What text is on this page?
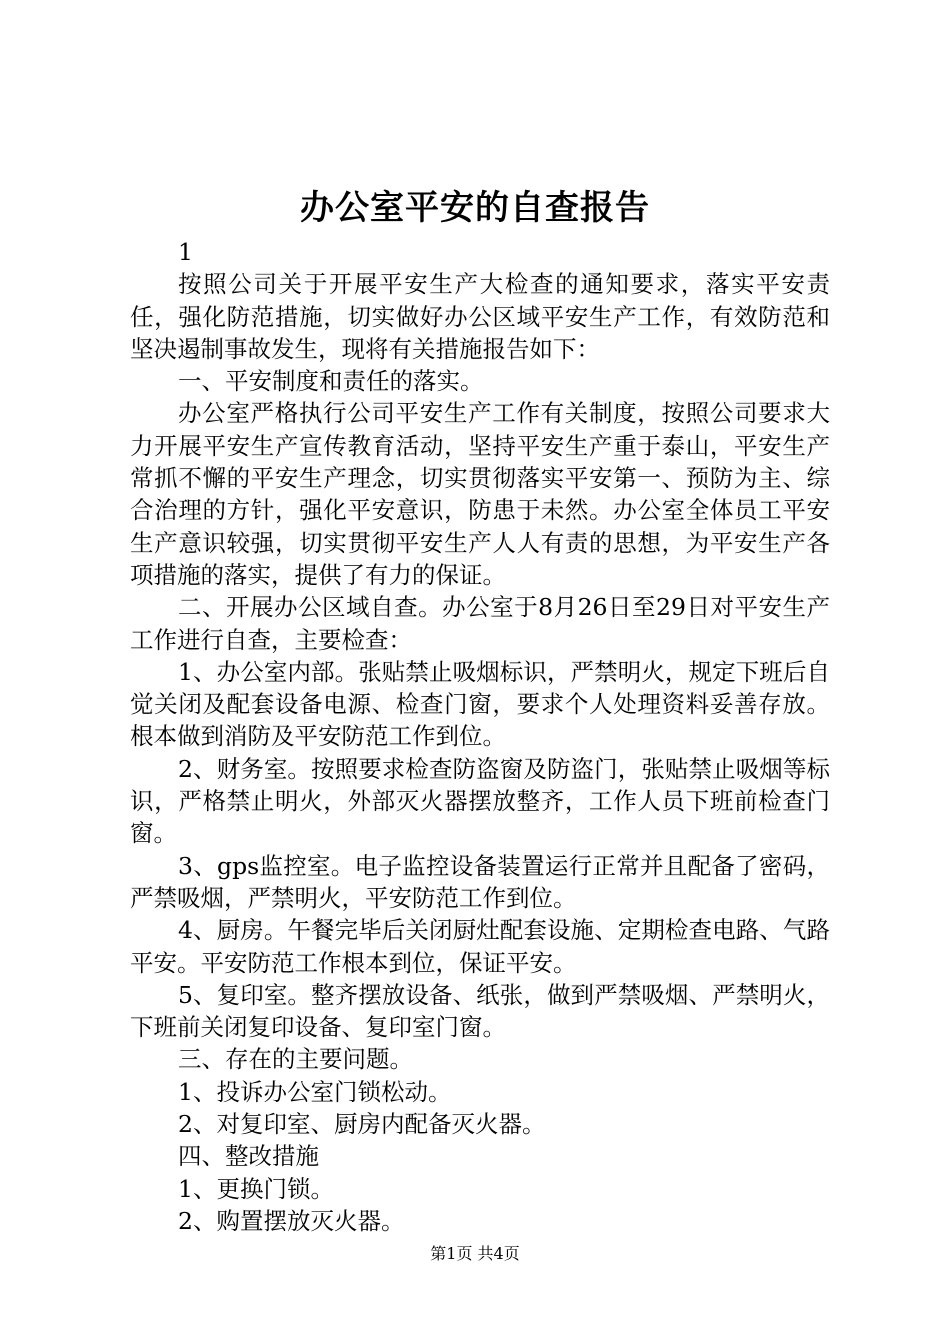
办公室平安的自查报告

1

按照公司关于开展平安生产大检查的通知要求，落实平安责任，强化防范措施，切实做好办公区域平安生产工作，有效防范和坚决遏制事故发生，现将有关措施报告如下：

一、平安制度和责任的落实。

办公室严格执行公司平安生产工作有关制度，按照公司要求大力开展平安生产宣传教育活动，坚持平安生产重于泰山，平安生产常抓不懈的平安生产理念，切实贯彻落实平安第一、预防为主、综合治理的方针，强化平安意识，防患于未然。办公室全体员工平安生产意识较强，切实贯彻平安生产人人有责的思想，为平安生产各项措施的落实，提供了有力的保证。

二、开展办公区域自查。办公室于8月26日至29日对平安生产工作进行自查，主要检查：

1、办公室内部。张贴禁止吸烟标识，严禁明火，规定下班后自觉关闭及配套设备电源、检查门窗，要求个人处理资料妥善存放。根本做到消防及平安防范工作到位。

2、财务室。按照要求检查防盗窗及防盗门，张贴禁止吸烟等标识，严格禁止明火，外部灭火器摆放整齐，工作人员下班前检查门窗。

3、gps监控室。电子监控设备装置运行正常并且配备了密码，严禁吸烟，严禁明火，平安防范工作到位。

4、厨房。午餐完毕后关闭厨灶配套设施、定期检查电路、气路平安。平安防范工作根本到位，保证平安。

5、复印室。整齐摆放设备、纸张，做到严禁吸烟、严禁明火，下班前关闭复印设备、复印室门窗。

三、存在的主要问题。

1、投诉办公室门锁松动。

2、对复印室、厨房内配备灭火器。

四、整改措施

1、更换门锁。

2、购置摆放灭火器。

第1页 共4页
